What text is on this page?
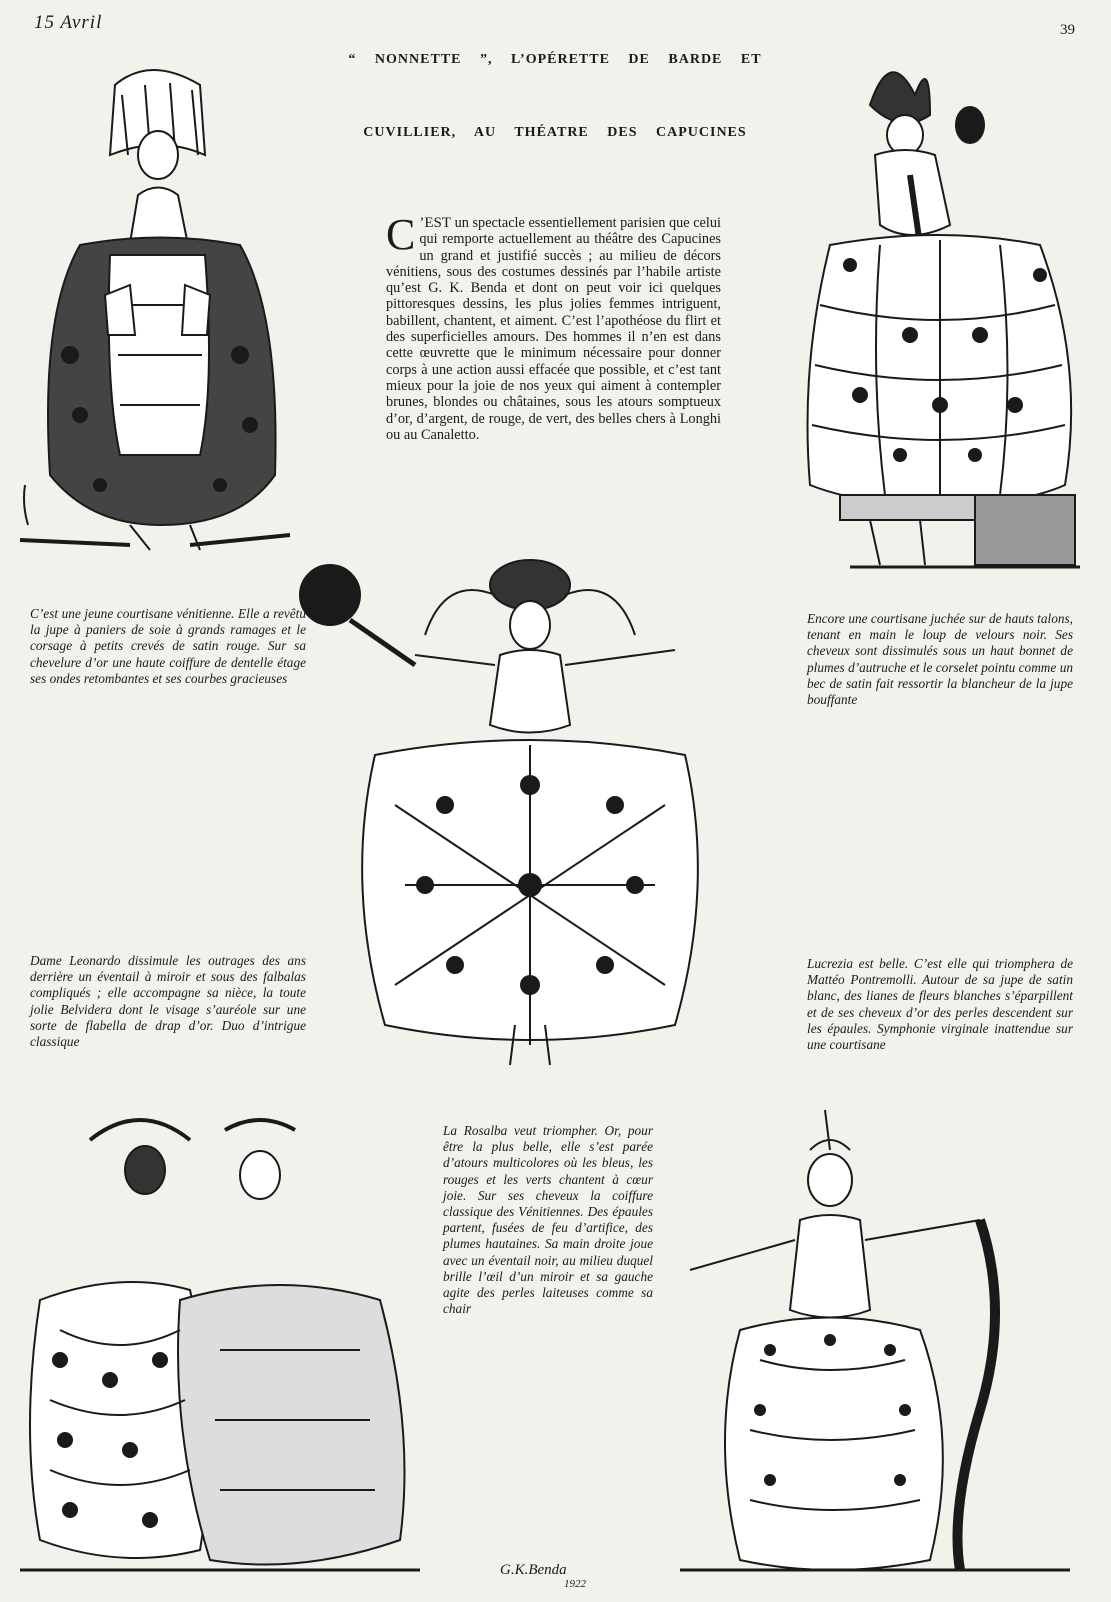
15 Avril	39
“ NONNETTE ”, L’OPÉRETTE DE BARDE ET
CUVILLIER, AU THÉATRE DES CAPUCINES
C ’EST un spectacle essentiellement parisien que celui qui remporte actuellement au théâtre des Capucines un grand et justifié succès ; au milieu de décors vénitiens, sous des costumes dessinés par l’habile artiste qu’est G. K. Benda et dont on peut voir ici quelques pittoresques dessins, les plus jolies femmes intriguent, babillent, chantent, et aiment. C’est l’apothéose du flirt et des superficielles amours. Des hommes il n’en est dans cette œuvrette que le minimum nécessaire pour donner corps à une action aussi effacée que possible, et c’est tant mieux pour la joie de nos yeux qui aiment à contempler brunes, blondes ou châtaines, sous les atours somptueux d’or, d’argent, de rouge, de vert, des belles chers à Longhi ou au Canaletto.
C’est une jeune courtisane vénitienne. Elle a revêtu la jupe à paniers de soie à grands ramages et le corsage à petits crevés de satin rouge. Sur sa chevelure d’or une haute coiffure de dentelle étage ses ondes retombantes et ses courbes gracieuses
Encore une courtisane juchée sur de hauts talons, tenant en main le loup de velours noir. Ses cheveux sont dissimulés sous un haut bonnet de plumes d’autruche et le corselet pointu comme un bec de satin fait ressortir la blancheur de la jupe bouffante
Dame Leonardo dissimule les outrages des ans derrière un éventail à miroir et sous des falbalas compliqués ; elle accompagne sa nièce, la toute jolie Belvidera dont le visage s’auréole sur une sorte de flabella de drap d’or. Duo d’intrigue classique
Lucrezia est belle. C’est elle qui triomphera de Mattéo Pontremolli. Autour de sa jupe de satin blanc, des lianes de fleurs blanches s’éparpillent et de ses cheveux d’or des perles descendent sur les épaules. Symphonie virginale inattendue sur une courtisane
La Rosalba veut triompher. Or, pour être la plus belle, elle s’est parée d’atours multicolores où les bleus, les rouges et les verts chantent à cœur joie. Sur ses cheveux la coiffure classique des Vénitiennes. Des épaules partent, fusées de feu d’artifice, des plumes hautaines. Sa main droite joue avec un éventail noir, au milieu duquel brille l’œil d’un miroir et sa gauche agite des perles laiteuses comme sa chair
G.K.Benda
1922
